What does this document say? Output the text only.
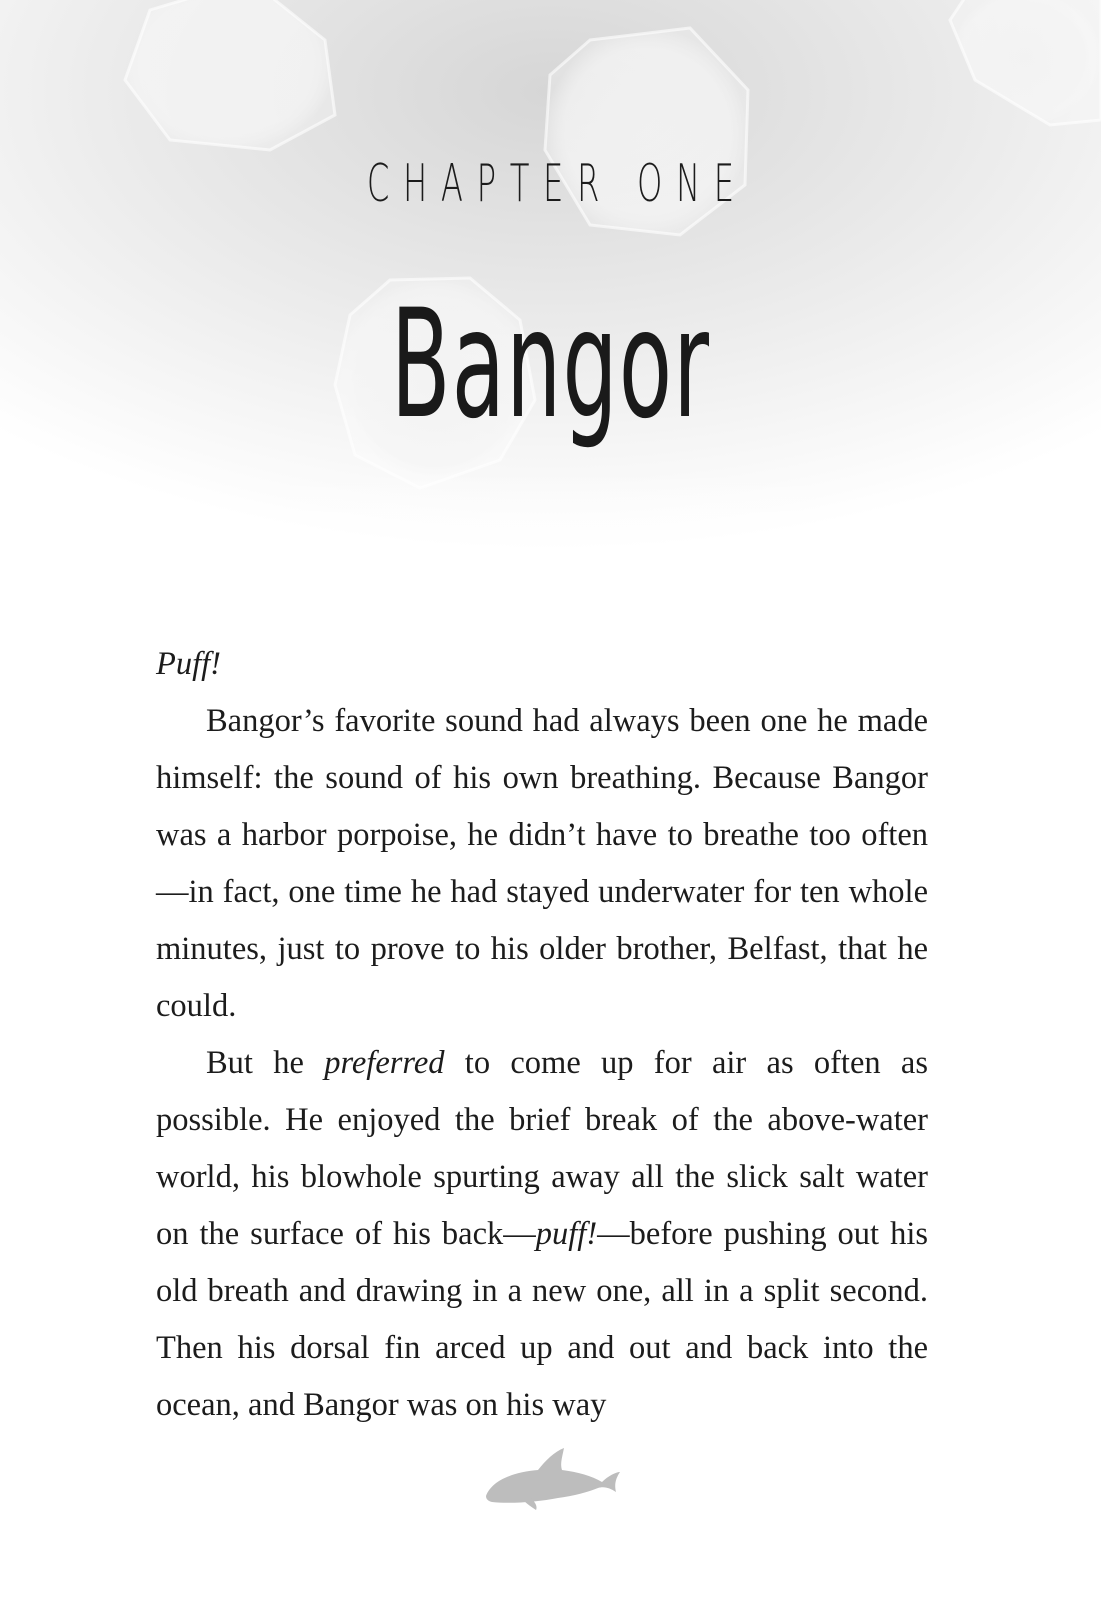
CHAPTER ONE
Bangor

Puff!

Bangor’s favorite sound had always been one he made himself: the sound of his own breathing. Because Bangor was a harbor porpoise, he didn’t have to breathe too often—in fact, one time he had stayed underwater for ten whole minutes, just to prove to his older brother, Belfast, that he could.

But he preferred to come up for air as often as possible. He enjoyed the brief break of the above-water world, his blowhole spurting away all the slick salt water on the surface of his back—puff!—before pushing out his old breath and drawing in a new one, all in a split second. Then his dorsal fin arced up and out and back into the ocean, and Bangor was on his way
